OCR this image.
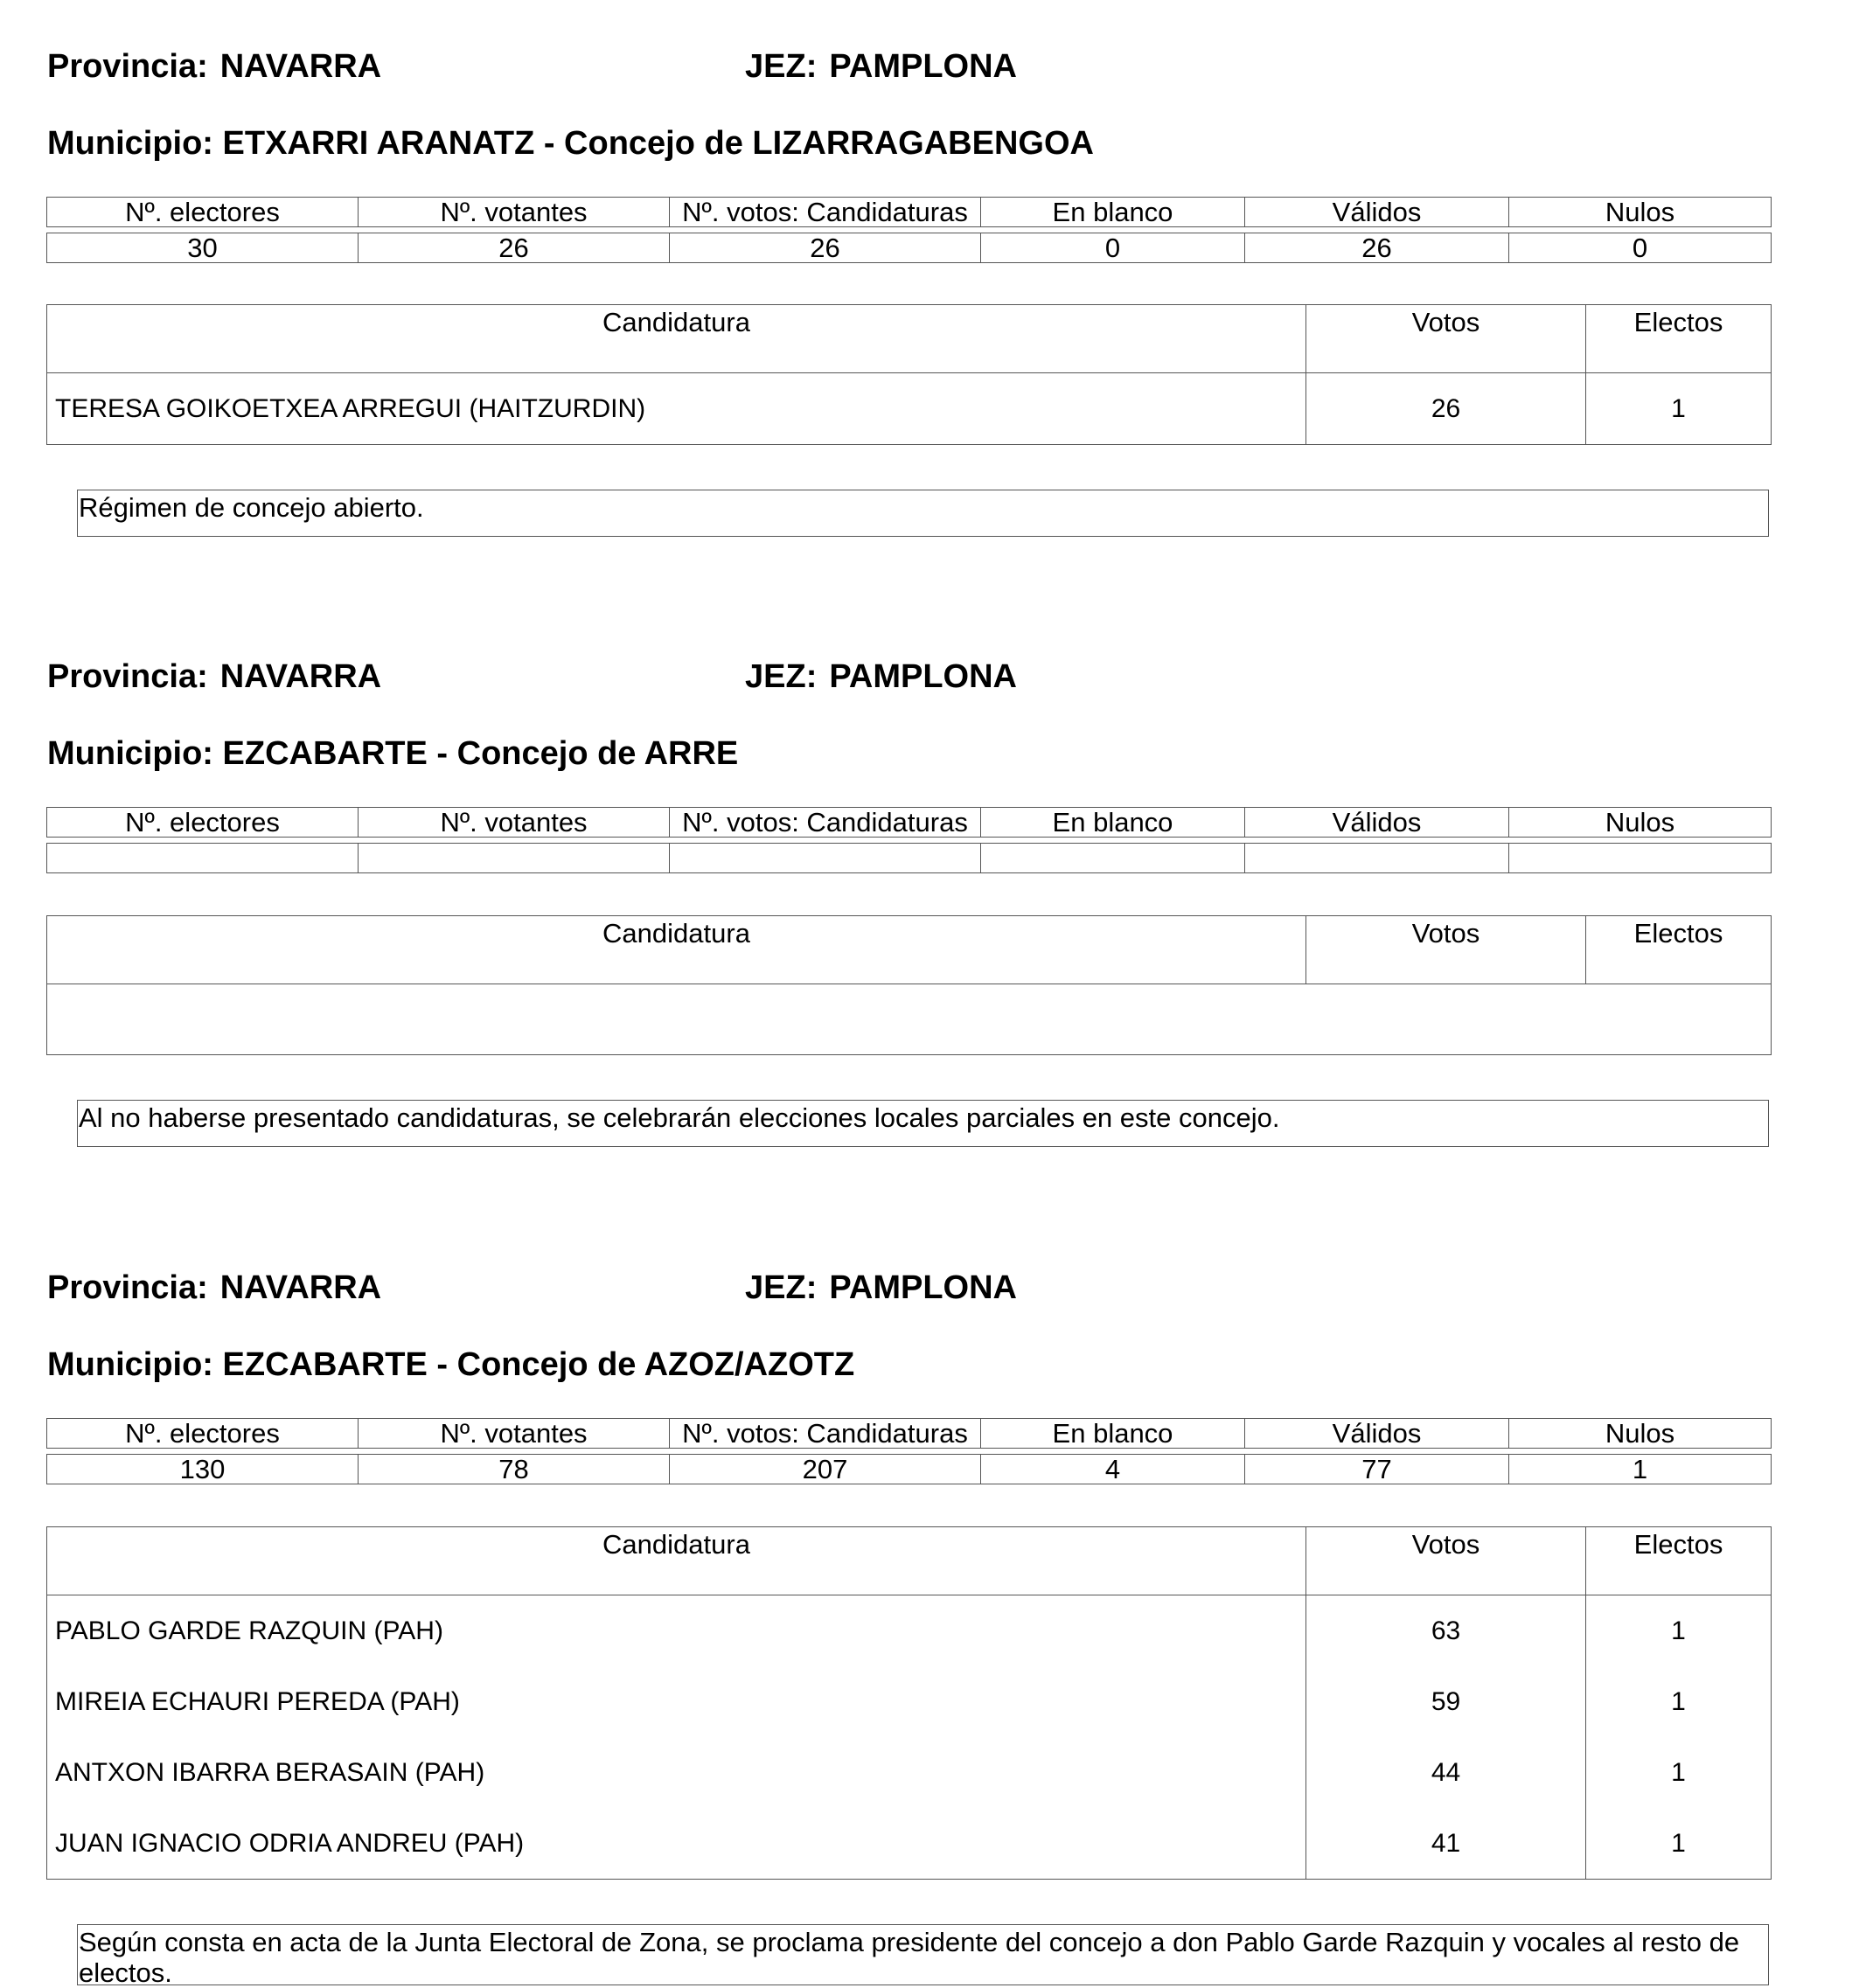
Provincia: NAVARRA	JEZ: PAMPLONA
Municipio: ETXARRI ARANATZ - Concejo de LIZARRAGABENGOA
Nº. electores	Nº. votantes	Nº. votos: Candidaturas	En blanco	Válidos	Nulos

30	26	26	0	26	0
Candidatura	Votos	Electos
TERESA GOIKOETXEA ARREGUI (HAITZURDIN)	26	1
Régimen de concejo abierto.
Provincia: NAVARRA	JEZ: PAMPLONA
Municipio: EZCABARTE - Concejo de ARRE
Nº. electores	Nº. votantes	Nº. votos: Candidaturas	En blanco	Válidos	Nulos

Candidatura	Votos	Electos

Al no haberse presentado candidaturas, se celebrarán elecciones locales parciales en este concejo.
Provincia: NAVARRA	JEZ: PAMPLONA
Municipio: EZCABARTE - Concejo de AZOZ/AZOTZ
Nº. electores	Nº. votantes	Nº. votos: Candidaturas	En blanco	Válidos	Nulos

130	78	207	4	77	1
Candidatura	Votos	Electos
PABLO GARDE RAZQUIN (PAH)	63	1
MIREIA ECHAURI PEREDA (PAH)	59	1
ANTXON IBARRA BERASAIN (PAH)	44	1
JUAN IGNACIO ODRIA ANDREU (PAH)	41	1
Según consta en acta de la Junta Electoral de Zona, se proclama presidente del concejo a don Pablo Garde Razquin y vocales al resto de electos.
